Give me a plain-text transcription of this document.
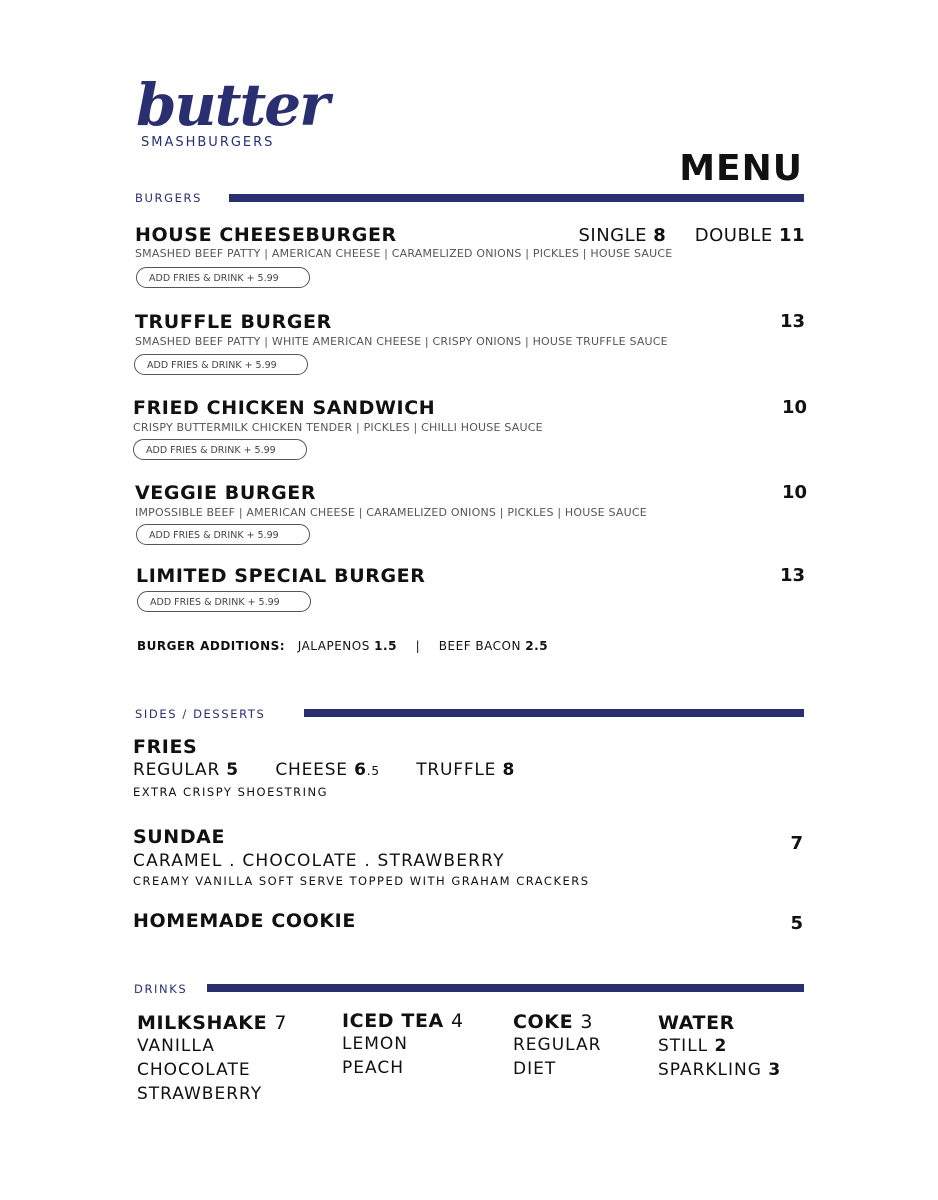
butter
SMASHBURGERS
MENU
BURGERS
HOUSE CHEESEBURGER	SINGLE 8 DOUBLE 11
SMASHED BEEF PATTY | AMERICAN CHEESE | CARAMELIZED ONIONS | PICKLES | HOUSE SAUCE
ADD FRIES & DRINK + 5.99
TRUFFLE BURGER	13
SMASHED BEEF PATTY | WHITE AMERICAN CHEESE | CRISPY ONIONS | HOUSE TRUFFLE SAUCE
ADD FRIES & DRINK + 5.99
FRIED CHICKEN SANDWICH	10
CRISPY BUTTERMILK CHICKEN TENDER | PICKLES | CHILLI HOUSE SAUCE
ADD FRIES & DRINK + 5.99
VEGGIE BURGER	10
IMPOSSIBLE BEEF | AMERICAN CHEESE | CARAMELIZED ONIONS | PICKLES | HOUSE SAUCE
ADD FRIES & DRINK + 5.99
LIMITED SPECIAL BURGER	13
ADD FRIES & DRINK + 5.99
BURGER ADDITIONS: JALAPENOS 1.5 | BEEF BACON 2.5
SIDES / DESSERTS
FRIES
REGULAR 5 CHEESE 6.5 TRUFFLE 8
EXTRA CRISPY SHOESTRING
SUNDAE	7
CARAMEL . CHOCOLATE . STRAWBERRY
CREAMY VANILLA SOFT SERVE TOPPED WITH GRAHAM CRACKERS
HOMEMADE COOKIE	5
DRINKS
MILKSHAKE 7
VANILLA
CHOCOLATE
STRAWBERRY
ICED TEA 4
LEMON
PEACH
COKE 3
REGULAR
DIET
WATER
STILL 2
SPARKLING 3
